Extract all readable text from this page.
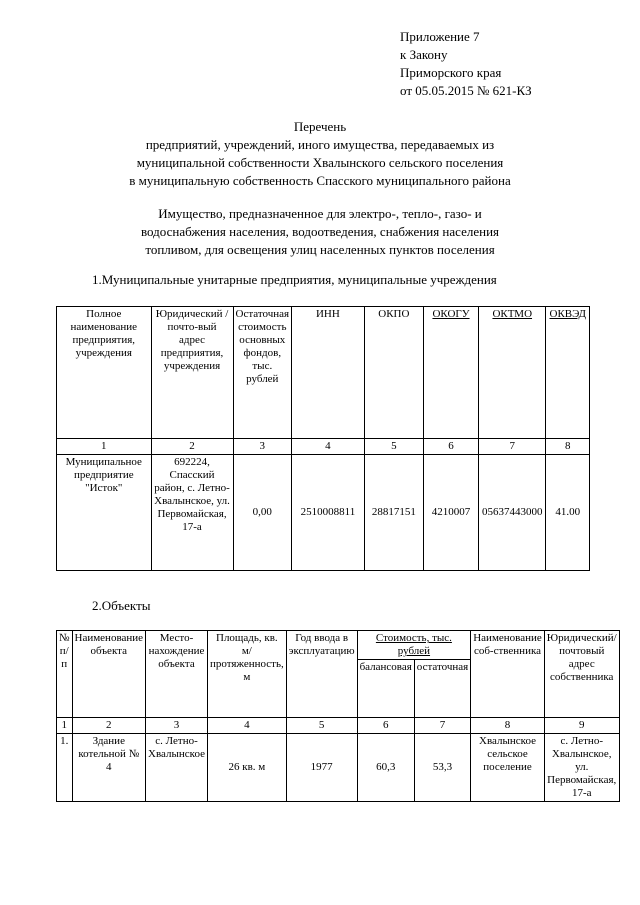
Приложение 7
к Закону
Приморского края
от 05.05.2015 № 621-КЗ
Перечень
предприятий, учреждений, иного имущества, передаваемых из
муниципальной собственности Хвалынского сельского поселения
в муниципальную собственность Спасского муниципального района
Имущество, предназначенное для электро-, тепло-, газо- и
водоснабжения населения, водоотведения, снабжения населения
топливом, для освещения улиц населенных пунктов поселения
1.Муниципальные унитарные предприятия, муниципальные учреждения
Полное наименование предприятия, учреждения	Юридический /почто-вый адрес предприятия, учреждения	Остаточная стоимость основных фондов, тыс. рублей	ИНН	ОКПО	ОКОГУ	ОКТМО	ОКВЭД
1	2	3	4	5	6	7	8
Муниципальное предприятие "Исток"	692224, Спасский район, с. Летно-Хвалынское, ул. Первомайская, 17-а	0,00	2510008811	28817151	4210007	05637443000	41.00
2.Объекты
№ п/п	Наименование объекта	Место-нахождение объекта	Площадь, кв. м/ протяженность, м	Год ввода в эксплуатацию	Стоимость, тыс. рублей		Наименование соб-ственника	Юридический/ почтовый адрес собственника
					балансовая	остаточная		
1	2	3	4	5	6	7	8	9
1.	Здание котельной № 4	с. Летно-Хвалынское	26 кв. м	1977	60,3	53,3	Хвалынское сельское поселение	с. Летно-Хвалынское, ул. Первомайская, 17-а
